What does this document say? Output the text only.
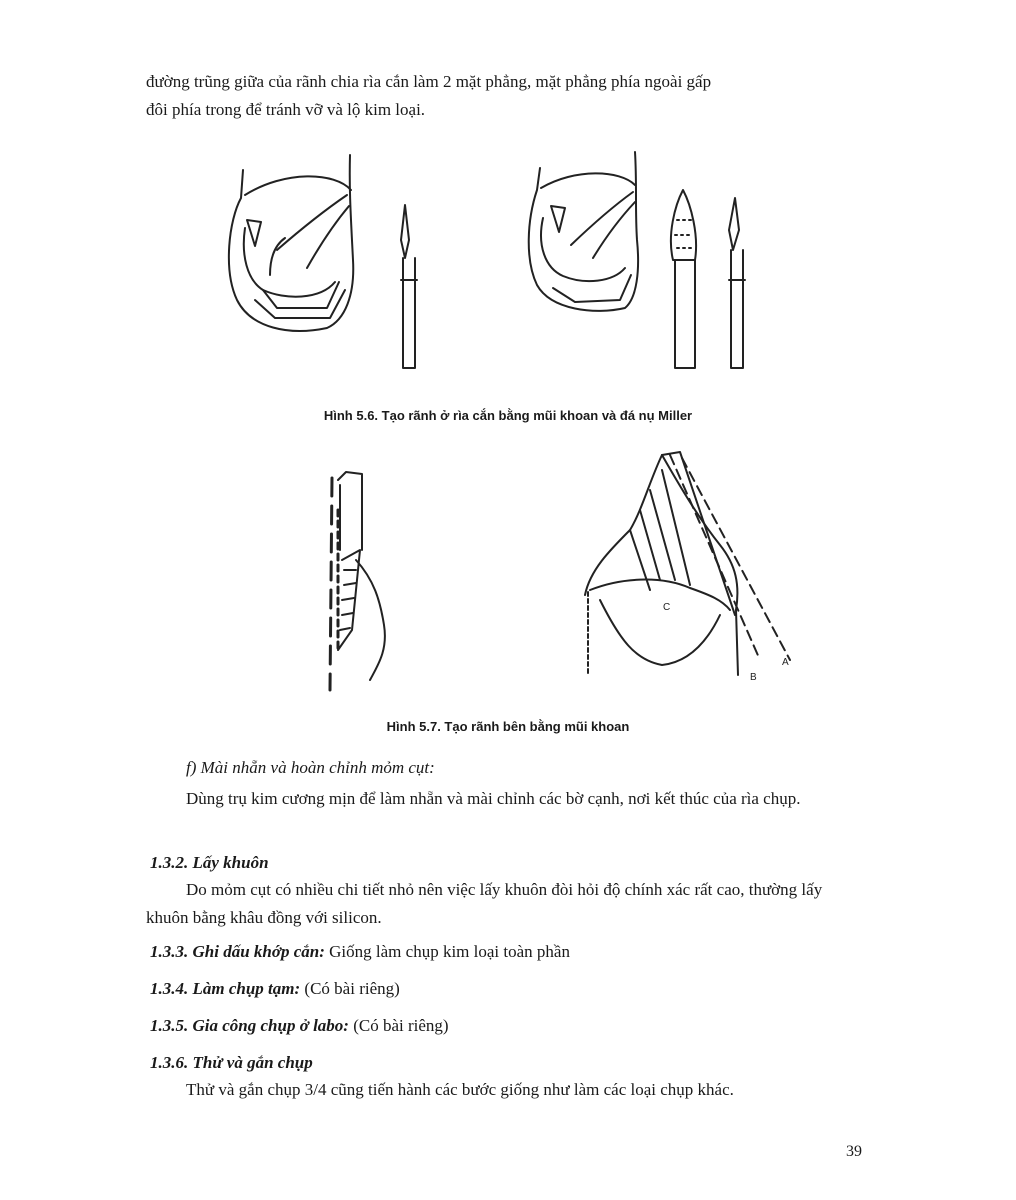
đường trũng giữa của rãnh chia rìa cắn làm 2 mặt phẳng, mặt phẳng phía ngoài gấp
đôi phía trong để tránh vỡ và lộ kim loại.

Hình 5.6. Tạo rãnh ở rìa cắn bằng mũi khoan và đá nụ Miller

C
B
A

Hình 5.7. Tạo rãnh bên bằng mũi khoan

f) Mài nhẵn và hoàn chỉnh mỏm cụt:

Dùng trụ kim cương mịn để làm nhẵn và mài chỉnh các bờ cạnh, nơi kết thúc của rìa chụp.

1.3.2. Lấy khuôn

Do mỏm cụt có nhiều chi tiết nhỏ nên việc lấy khuôn đòi hỏi độ chính xác rất cao, thường lấy khuôn bằng khâu đồng với silicon.

1.3.3. Ghi dấu khớp cắn: Giống làm chụp kim loại toàn phần

1.3.4. Làm chụp tạm: (Có bài riêng)

1.3.5. Gia công chụp ở labo: (Có bài riêng)

1.3.6. Thử và gắn chụp

Thử và gắn chụp 3/4 cũng tiến hành các bước giống như làm các loại chụp khác.

39
